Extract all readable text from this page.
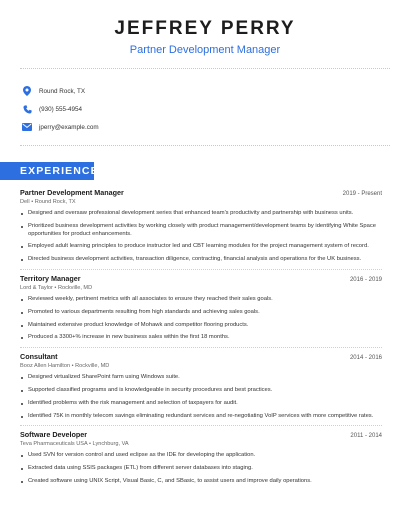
JEFFREY PERRY
Partner Development Manager
Round Rock, TX
(930) 555-4954
jperry@example.com
EXPERIENCE
Partner Development Manager	2019 - Present
Dell • Round Rock, TX
Designed and oversaw professional development series that enhanced team's productivity and partnership with business units.
Prioritized business development activities by working closely with product management/development teams by identifying White Space opportunities for product enhancements.
Employed adult learning principles to produce instructor led and CBT learning modules for the project management system of record.
Directed business development activities, transaction diligence, contracting, financial analysis and operations for the UK business.
Territory Manager	2016 - 2019
Lord & Taylor • Rockville, MD
Reviewed weekly, pertinent metrics with all associates to ensure they reached their sales goals.
Promoted to various departments resulting from high standards and achieving sales goals.
Maintained extensive product knowledge of Mohawk and competitor flooring products.
Produced a 3300+% increase in new business sales within the first 18 months.
Consultant	2014 - 2016
Booz Allen Hamilton • Rockville, MD
Designed virtualized SharePoint farm using Windows suite.
Supported classified programs and is knowledgeable in security procedures and best practices.
Identified problems with the risk management and selection of taxpayers for audit.
Identified 75K in monthly telecom savings eliminating redundant services and re-negotiating VoIP services with more competitive rates.
Software Developer	2011 - 2014
Teva Pharmaceuticals USA • Lynchburg, VA
Used SVN for version control and used eclipse as the IDE for developing the application.
Extracted data using SSIS packages (ETL) from different server databases into staging.
Created software using UNIX Script, Visual Basic, C, and SBasic, to assist users and improve daily operations.
